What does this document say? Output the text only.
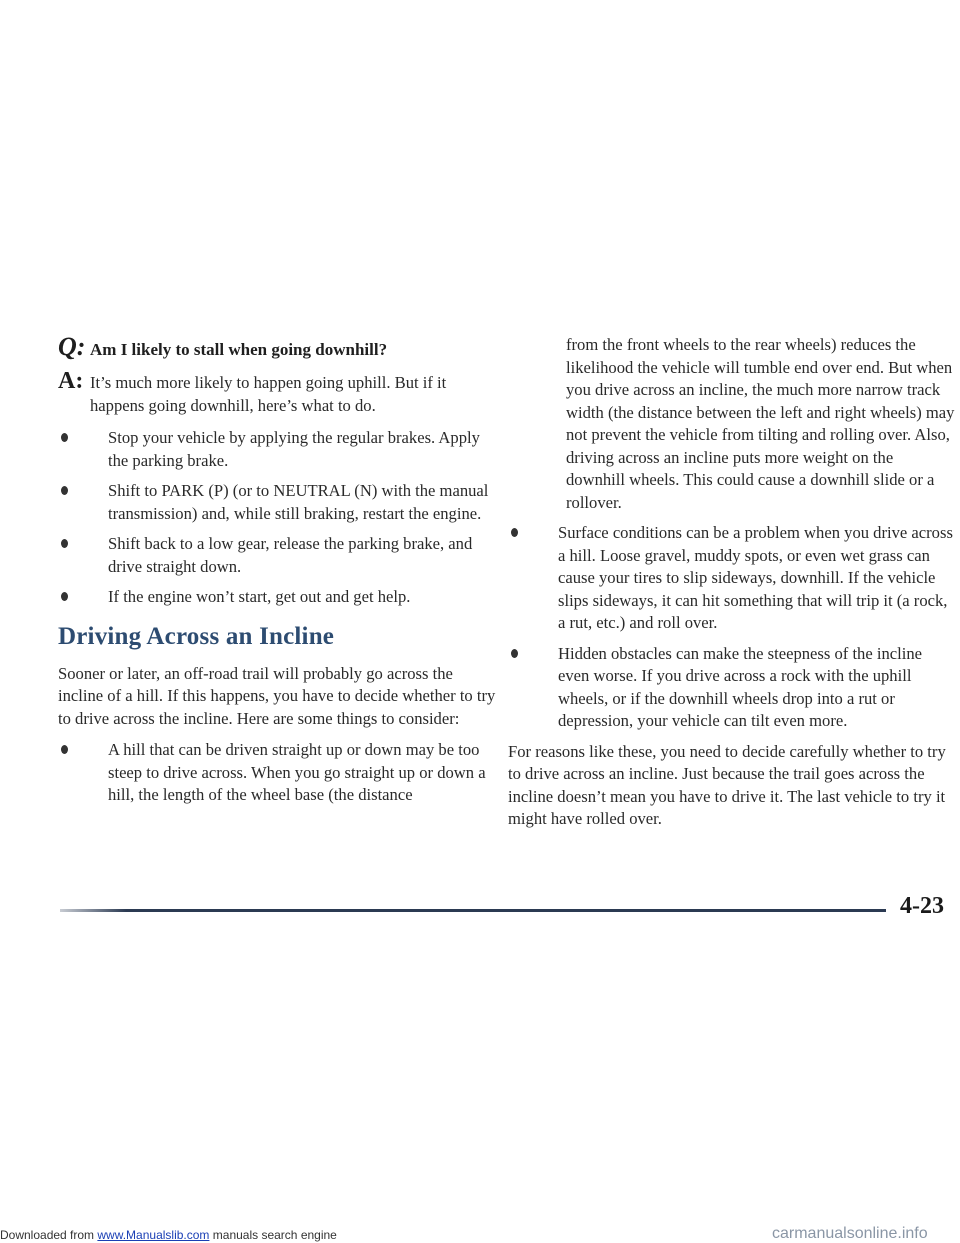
Q: Am I likely to stall when going downhill?
A: It’s much more likely to happen going uphill. But if it happens going downhill, here’s what to do.
Stop your vehicle by applying the regular brakes. Apply the parking brake.
Shift to PARK (P) (or to NEUTRAL (N) with the manual transmission) and, while still braking, restart the engine.
Shift back to a low gear, release the parking brake, and drive straight down.
If the engine won’t start, get out and get help.
Driving Across an Incline

Sooner or later, an off-road trail will probably go across the incline of a hill. If this happens, you have to decide whether to try to drive across the incline. Here are some things to consider:

A hill that can be driven straight up or down may be too steep to drive across. When you go straight up or down a hill, the length of the wheel base (the distance

from the front wheels to the rear wheels) reduces the likelihood the vehicle will tumble end over end. But when you drive across an incline, the much more narrow track width (the distance between the left and right wheels) may not prevent the vehicle from tilting and rolling over. Also, driving across an incline puts more weight on the downhill wheels. This could cause a downhill slide or a rollover.

Surface conditions can be a problem when you drive across a hill. Loose gravel, muddy spots, or even wet grass can cause your tires to slip sideways, downhill. If the vehicle slips sideways, it can hit something that will trip it (a rock, a rut, etc.) and roll over.
Hidden obstacles can make the steepness of the incline even worse. If you drive across a rock with the uphill wheels, or if the downhill wheels drop into a rut or depression, your vehicle can tilt even more.

For reasons like these, you need to decide carefully whether to try to drive across an incline. Just because the trail goes across the incline doesn’t mean you have to drive it. The last vehicle to try it might have rolled over.

4-23
Downloaded from www.Manualslib.com manuals search engine	carmanualsonline.info
